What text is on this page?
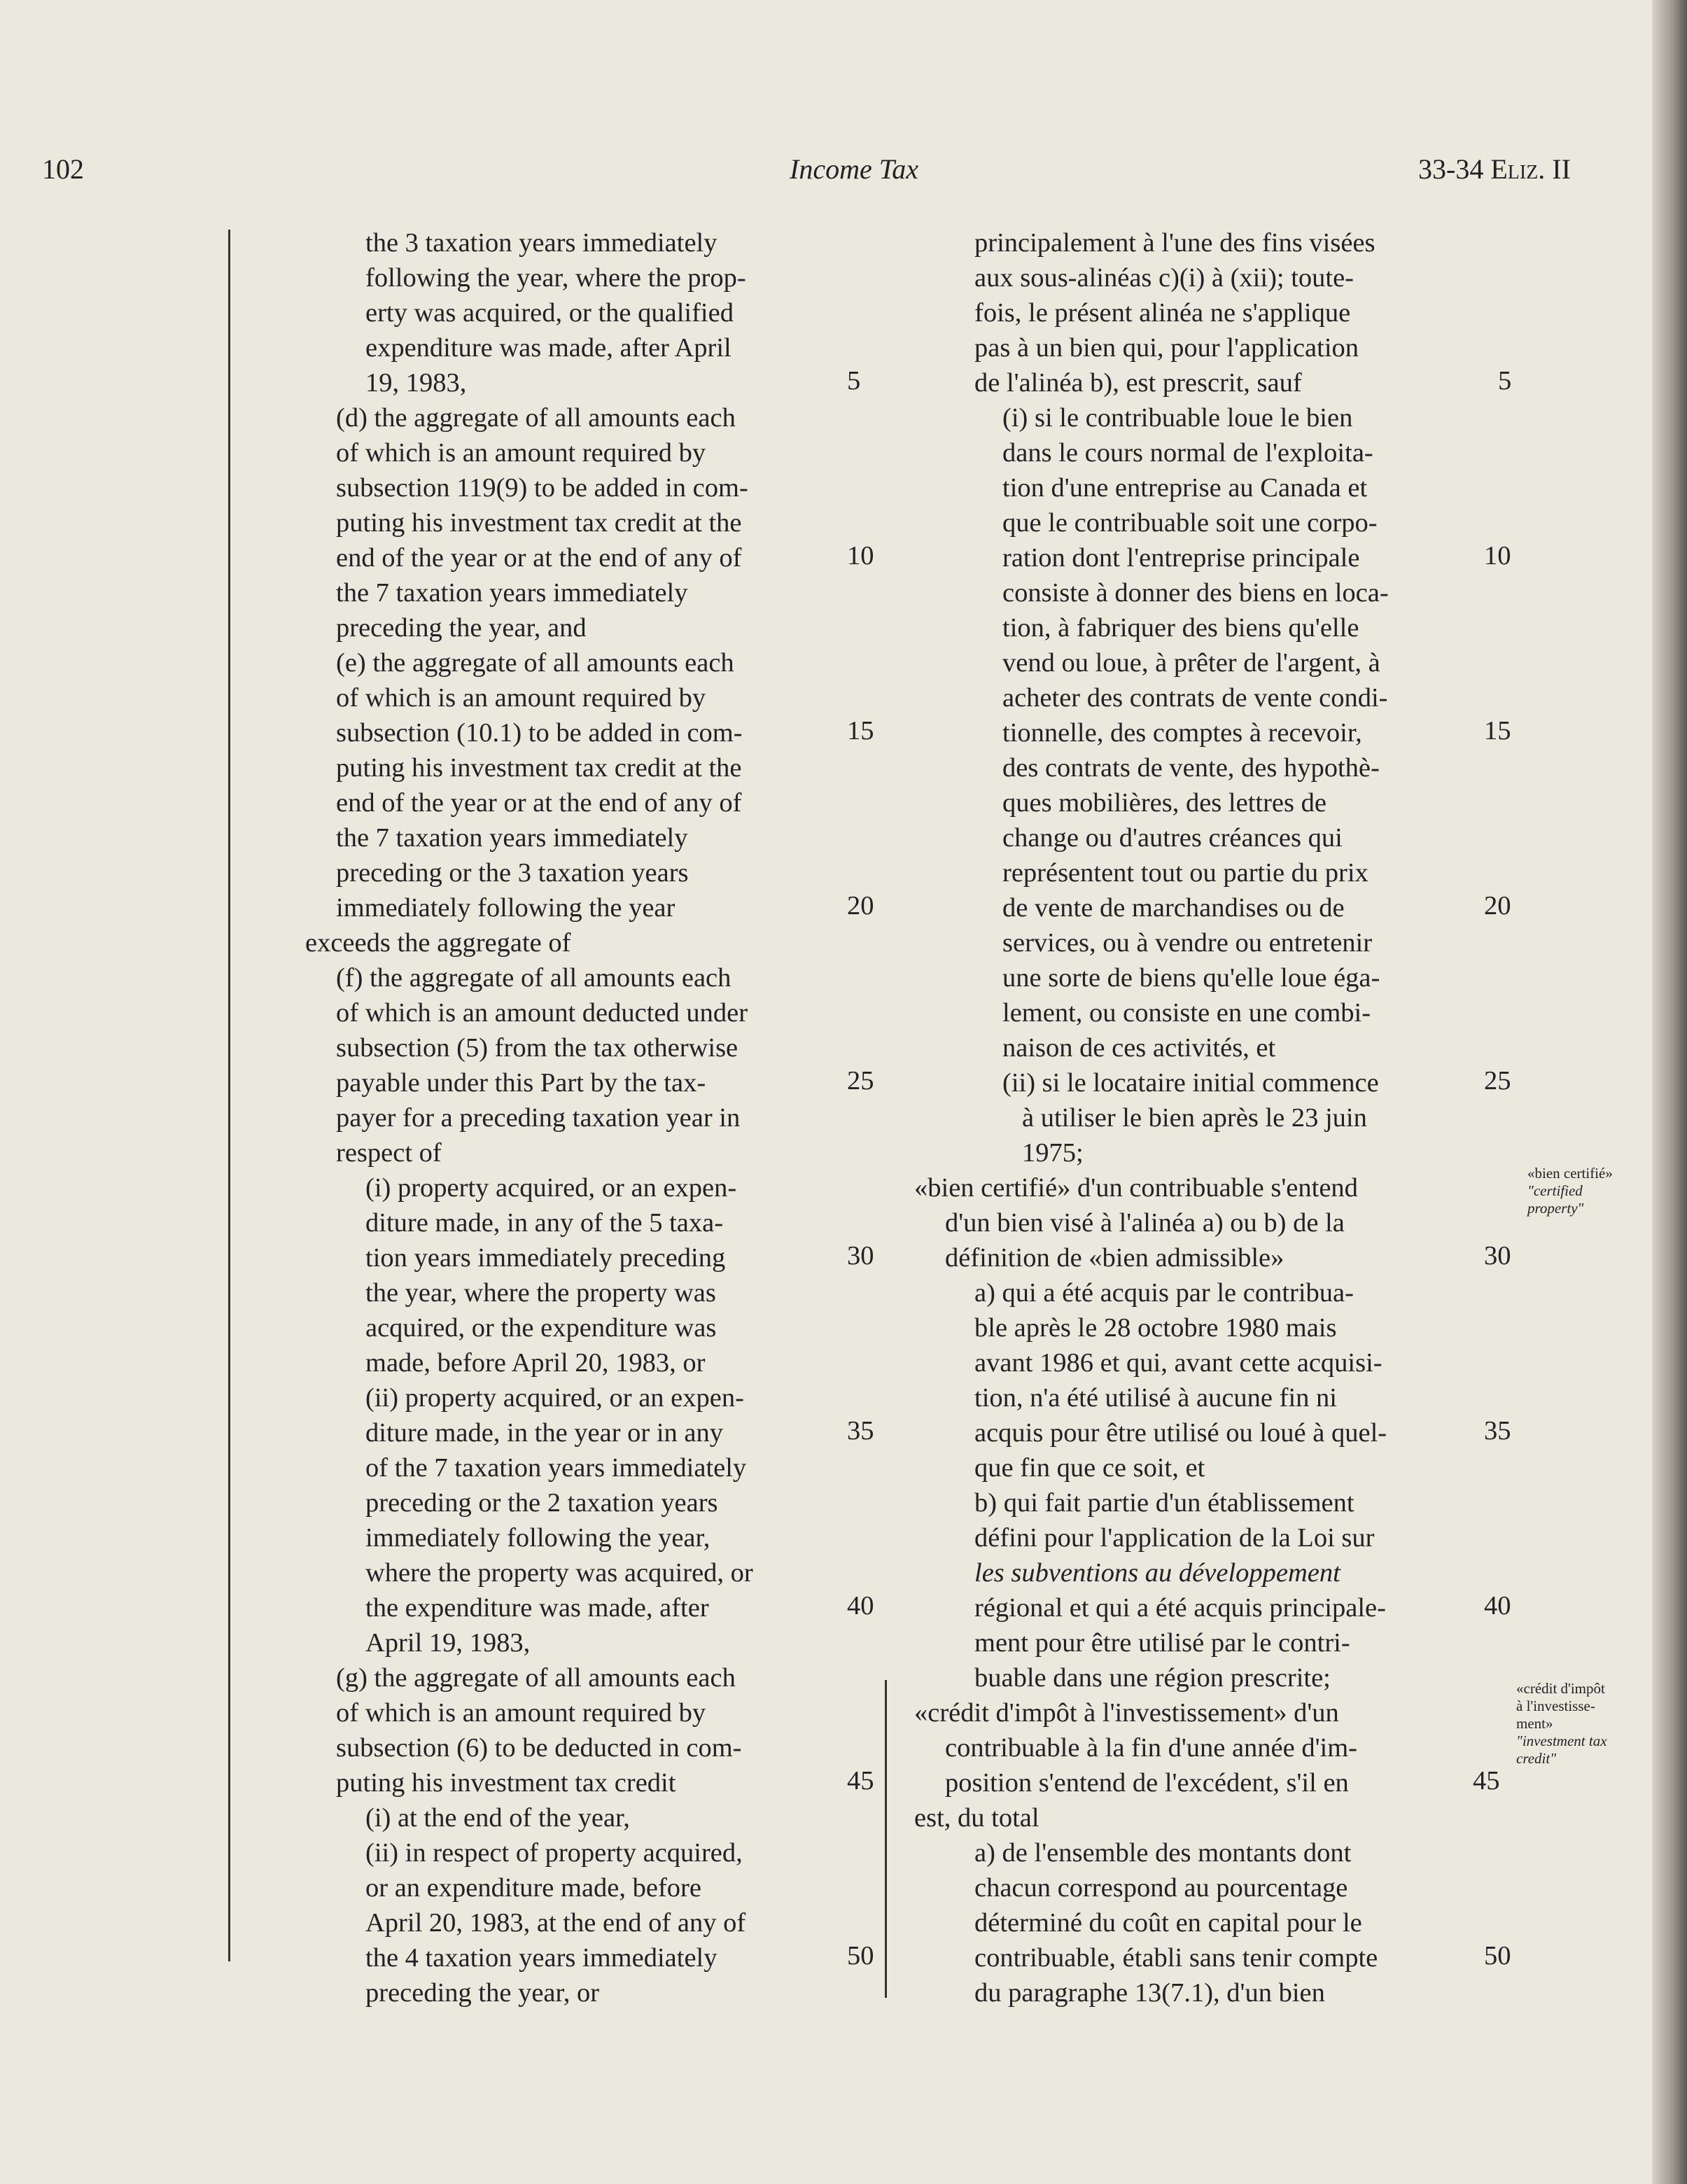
102	Income Tax	33-34 Eliz. II
the 3 taxation years immediately
following the year, where the prop-
erty was acquired, or the qualified
expenditure was made, after April
19, 1983,
(d) the aggregate of all amounts each
of which is an amount required by
subsection 119(9) to be added in com-
puting his investment tax credit at the
end of the year or at the end of any of
the 7 taxation years immediately
preceding the year, and
(e) the aggregate of all amounts each
of which is an amount required by
subsection (10.1) to be added in com-
puting his investment tax credit at the
end of the year or at the end of any of
the 7 taxation years immediately
preceding or the 3 taxation years
immediately following the year
exceeds the aggregate of
(f) the aggregate of all amounts each
of which is an amount deducted under
subsection (5) from the tax otherwise
payable under this Part by the tax-
payer for a preceding taxation year in
respect of
(i) property acquired, or an expen-
diture made, in any of the 5 taxa-
tion years immediately preceding
the year, where the property was
acquired, or the expenditure was
made, before April 20, 1983, or
(ii) property acquired, or an expen-
diture made, in the year or in any
of the 7 taxation years immediately
preceding or the 2 taxation years
immediately following the year,
where the property was acquired, or
the expenditure was made, after
April 19, 1983,
(g) the aggregate of all amounts each
of which is an amount required by
subsection (6) to be deducted in com-
puting his investment tax credit
(i) at the end of the year,
(ii) in respect of property acquired,
or an expenditure made, before
April 20, 1983, at the end of any of
the 4 taxation years immediately
preceding the year, or
5
10
15
20
25
30
35
40
45
50
principalement à l'une des fins visées
aux sous-alinéas c)(i) à (xii); toute-
fois, le présent alinéa ne s'applique
pas à un bien qui, pour l'application
de l'alinéa b), est prescrit, sauf
(i) si le contribuable loue le bien
dans le cours normal de l'exploita-
tion d'une entreprise au Canada et
que le contribuable soit une corpo-
ration dont l'entreprise principale
consiste à donner des biens en loca-
tion, à fabriquer des biens qu'elle
vend ou loue, à prêter de l'argent, à
acheter des contrats de vente condi-
tionnelle, des comptes à recevoir,
des contrats de vente, des hypothè-
ques mobilières, des lettres de
change ou d'autres créances qui
représentent tout ou partie du prix
de vente de marchandises ou de
services, ou à vendre ou entretenir
une sorte de biens qu'elle loue éga-
lement, ou consiste en une combi-
naison de ces activités, et
(ii) si le locataire initial commence
à utiliser le bien après le 23 juin
1975;
«bien certifié» d'un contribuable s'entend
d'un bien visé à l'alinéa a) ou b) de la
définition de «bien admissible»
a) qui a été acquis par le contribua-
ble après le 28 octobre 1980 mais
avant 1986 et qui, avant cette acquisi-
tion, n'a été utilisé à aucune fin ni
acquis pour être utilisé ou loué à quel-
que fin que ce soit, et
b) qui fait partie d'un établissement
défini pour l'application de la Loi sur
les subventions au développement
régional et qui a été acquis principale-
ment pour être utilisé par le contri-
buable dans une région prescrite;
«crédit d'impôt à l'investissement» d'un
contribuable à la fin d'une année d'im-
position s'entend de l'excédent, s'il en
est, du total
a) de l'ensemble des montants dont
chacun correspond au pourcentage
déterminé du coût en capital pour le
contribuable, établi sans tenir compte
du paragraphe 13(7.1), d'un bien
5
10
15
20
25
30
35
40
45
50
«bien certifié»
"certified
property"
«crédit d'impôt
à l'investisse-
ment»
"investment tax
credit"
